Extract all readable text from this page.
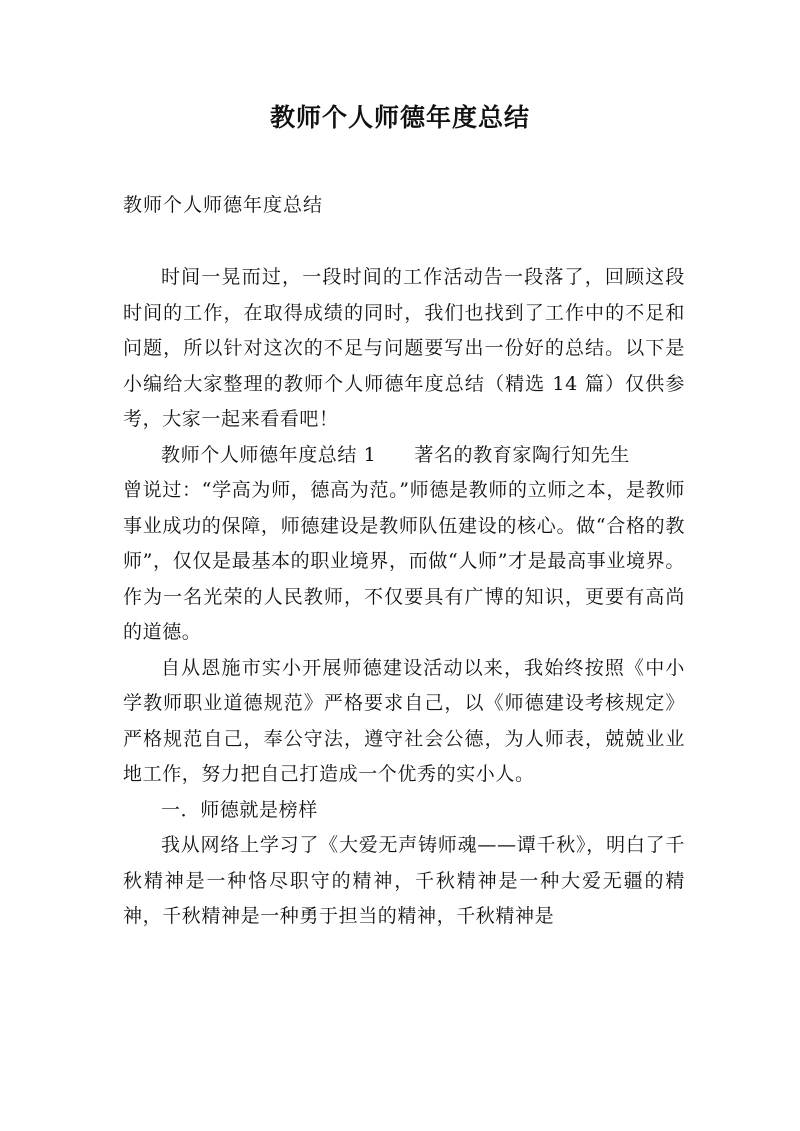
教师个人师德年度总结

教师个人师德年度总结

时间一晃而过，一段时间的工作活动告一段落了，回顾这段时间的工作，在取得成绩的同时，我们也找到了工作中的不足和问题，所以针对这次的不足与问题要写出一份好的总结。以下是小编给大家整理的教师个人师德年度总结（精选 14 篇）仅供参考，大家一起来看看吧！

教师个人师德年度总结 1 著名的教育家陶行知先生

曾说过：“学高为师，德高为范。”师德是教师的立师之本，是教师事业成功的保障，师德建设是教师队伍建设的核心。做“合格的教师”，仅仅是最基本的职业境界，而做“人师”才是最高事业境界。作为一名光荣的人民教师，不仅要具有广博的知识，更要有高尚的道德。

自从恩施市实小开展师德建设活动以来，我始终按照《中小学教师职业道德规范》严格要求自己，以《师德建设考核规定》严格规范自己，奉公守法，遵守社会公德，为人师表，兢兢业业地工作，努力把自己打造成一个优秀的实小人。

一．师德就是榜样

我从网络上学习了《大爱无声铸师魂——谭千秋》，明白了千秋精神是一种恪尽职守的精神，千秋精神是一种大爱无疆的精神，千秋精神是一种勇于担当的精神，千秋精神是
